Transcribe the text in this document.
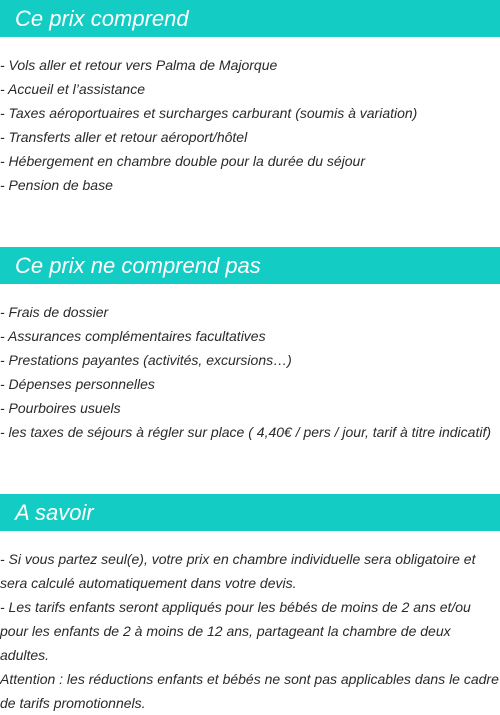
Ce prix comprend
- Vols aller et retour vers Palma de Majorque
- Accueil et l’assistance
- Taxes aéroportuaires et surcharges carburant (soumis à variation)
- Transferts aller et retour aéroport/hôtel
- Hébergement en chambre double pour la durée du séjour
- Pension de base
Ce prix ne comprend pas
- Frais de dossier
- Assurances complémentaires facultatives
- Prestations payantes (activités, excursions…)
- Dépenses personnelles
- Pourboires usuels
- les taxes de séjours à régler sur place ( 4,40€ / pers / jour, tarif à titre indicatif)
A savoir

- Si vous partez seul(e), votre prix en chambre individuelle sera obligatoire et sera calculé automatiquement dans votre devis.

- Les tarifs enfants seront appliqués pour les bébés de moins de 2 ans et/ou pour les enfants de 2 à moins de 12 ans, partageant la chambre de deux adultes.

Attention : les réductions enfants et bébés ne sont pas applicables dans le cadre de tarifs promotionnels.
